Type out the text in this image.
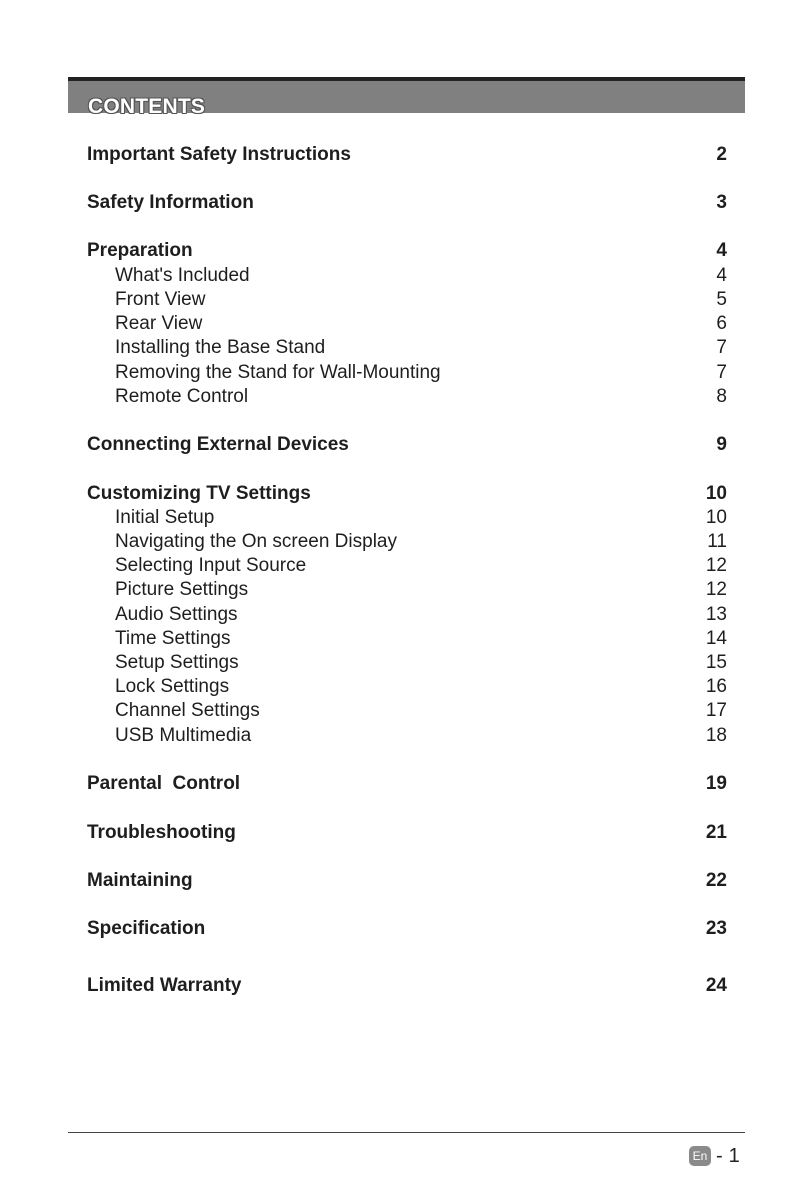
CONTENTS
Important Safety Instructions	2
Safety Information	3
Preparation	4
What's Included	4
Front View	5
Rear View	6
Installing the Base Stand	7
Removing the Stand for Wall-Mounting	7
Remote Control	8
Connecting External Devices	9
Customizing TV Settings	10
Initial Setup	10
Navigating the On screen Display	11
Selecting Input Source	12
Picture Settings	12
Audio Settings	13
Time Settings	14
Setup Settings	15
Lock Settings	16
Channel Settings	17
USB Multimedia	18
Parental  Control	19
Troubleshooting	21
Maintaining	22
Specification	23
Limited Warranty	24
En - 1
